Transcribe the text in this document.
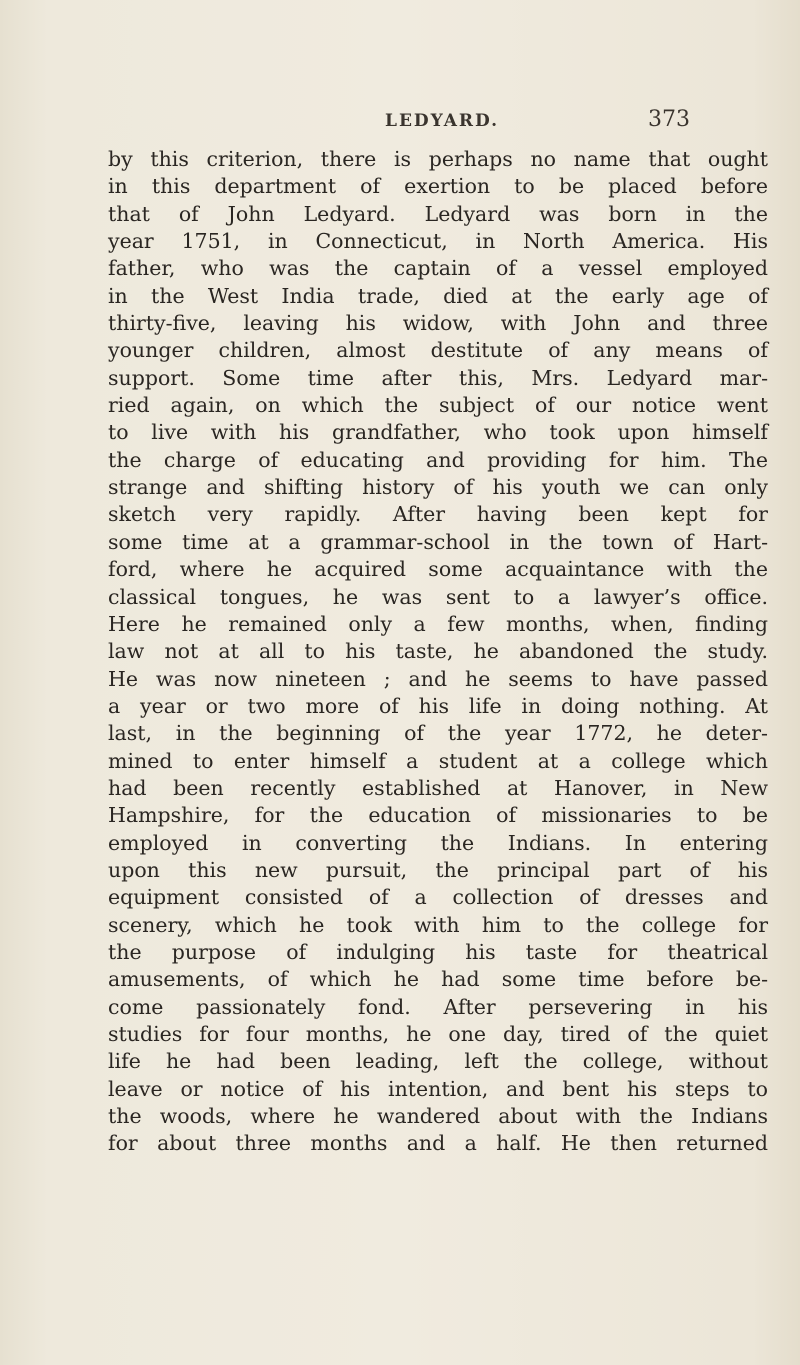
LEDYARD.	373
by this criterion, there is perhaps no name that ought
in this department of exertion to be placed before
that of John Ledyard. Ledyard was born in the
year 1751, in Connecticut, in North America. His
father, who was the captain of a vessel employed
in the West India trade, died at the early age of
thirty-five, leaving his widow, with John and three
younger children, almost destitute of any means of
support. Some time after this, Mrs. Ledyard mar-
ried again, on which the subject of our notice went
to live with his grandfather, who took upon himself
the charge of educating and providing for him. The
strange and shifting history of his youth we can only
sketch very rapidly. After having been kept for
some time at a grammar-school in the town of Hart-
ford, where he acquired some acquaintance with the
classical tongues, he was sent to a lawyer’s office.
Here he remained only a few months, when, finding
law not at all to his taste, he abandoned the study.
He was now nineteen ; and he seems to have passed
a year or two more of his life in doing nothing. At
last, in the beginning of the year 1772, he deter-
mined to enter himself a student at a college which
had been recently established at Hanover, in New
Hampshire, for the education of missionaries to be
employed in converting the Indians. In entering
upon this new pursuit, the principal part of his
equipment consisted of a collection of dresses and
scenery, which he took with him to the college for
the purpose of indulging his taste for theatrical
amusements, of which he had some time before be-
come passionately fond. After persevering in his
studies for four months, he one day, tired of the quiet
life he had been leading, left the college, without
leave or notice of his intention, and bent his steps to
the woods, where he wandered about with the Indians
for about three months and a half. He then returned
